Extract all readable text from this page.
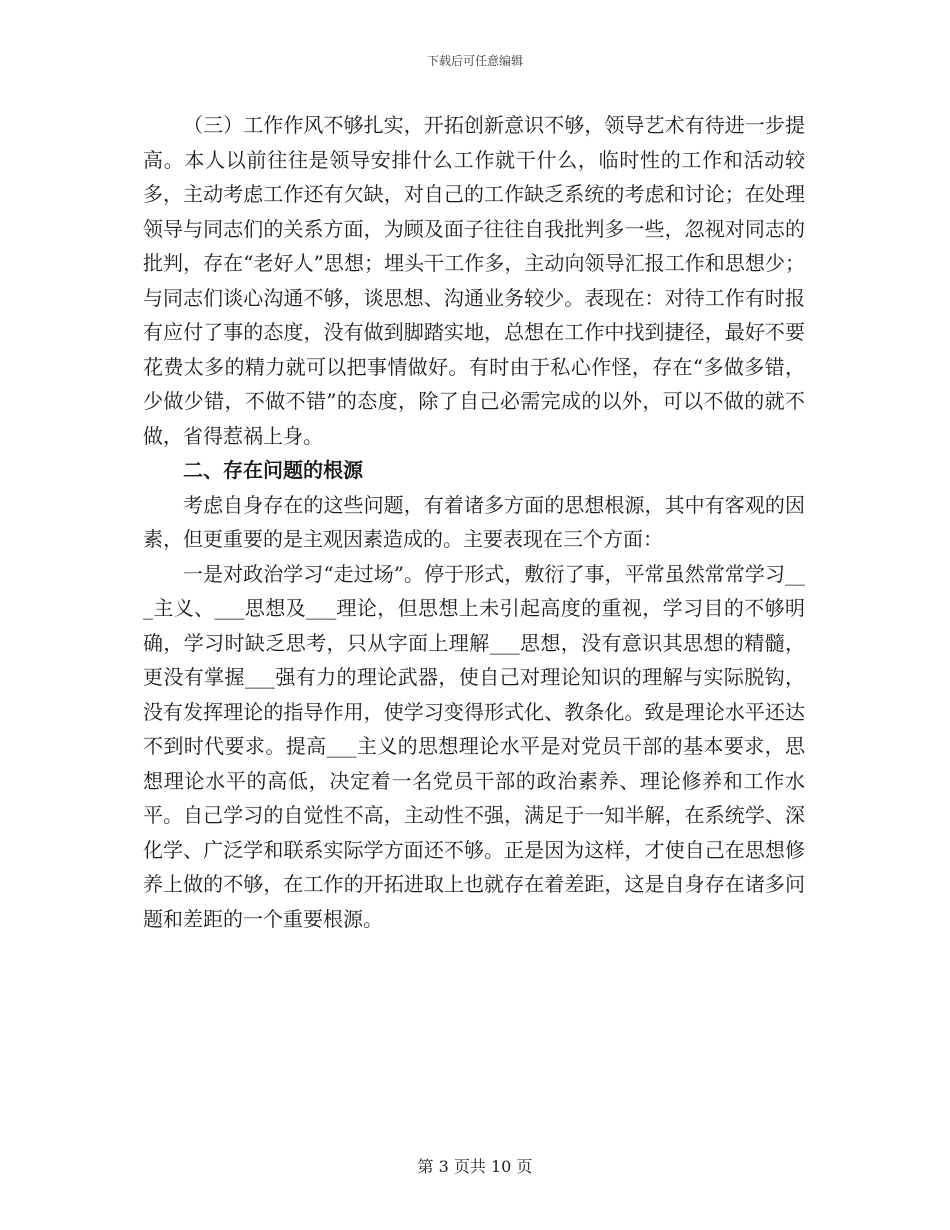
下载后可任意编辑

（三）工作作风不够扎实，开拓创新意识不够，领导艺术有待进一步提高。本人以前往往是领导安排什么工作就干什么，临时性的工作和活动较多，主动考虑工作还有欠缺，对自己的工作缺乏系统的考虑和讨论；在处理领导与同志们的关系方面，为顾及面子往往自我批判多一些，忽视对同志的批判，存在“老好人”思想；埋头干工作多，主动向领导汇报工作和思想少；与同志们谈心沟通不够，谈思想、沟通业务较少。表现在：对待工作有时报有应付了事的态度，没有做到脚踏实地，总想在工作中找到捷径，最好不要花费太多的精力就可以把事情做好。有时由于私心作怪，存在“多做多错，少做少错，不做不错”的态度，除了自己必需完成的以外，可以不做的就不做，省得惹祸上身。

二、存在问题的根源

考虑自身存在的这些问题，有着诸多方面的思想根源，其中有客观的因素，但更重要的是主观因素造成的。主要表现在三个方面：

一是对政治学习“走过场”。停于形式，敷衍了事，平常虽然常常学习___主义、___思想及___理论，但思想上未引起高度的重视，学习目的不够明确，学习时缺乏思考，只从字面上理解___思想，没有意识其思想的精髓，更没有掌握___强有力的理论武器，使自己对理论知识的理解与实际脱钩，没有发挥理论的指导作用，使学习变得形式化、教条化。致是理论水平还达不到时代要求。提高___主义的思想理论水平是对党员干部的基本要求，思想理论水平的高低，决定着一名党员干部的政治素养、理论修养和工作水平。自己学习的自觉性不高，主动性不强，满足于一知半解，在系统学、深化学、广泛学和联系实际学方面还不够。正是因为这样，才使自己在思想修养上做的不够，在工作的开拓进取上也就存在着差距，这是自身存在诸多问题和差距的一个重要根源。

第 3 页共 10 页
